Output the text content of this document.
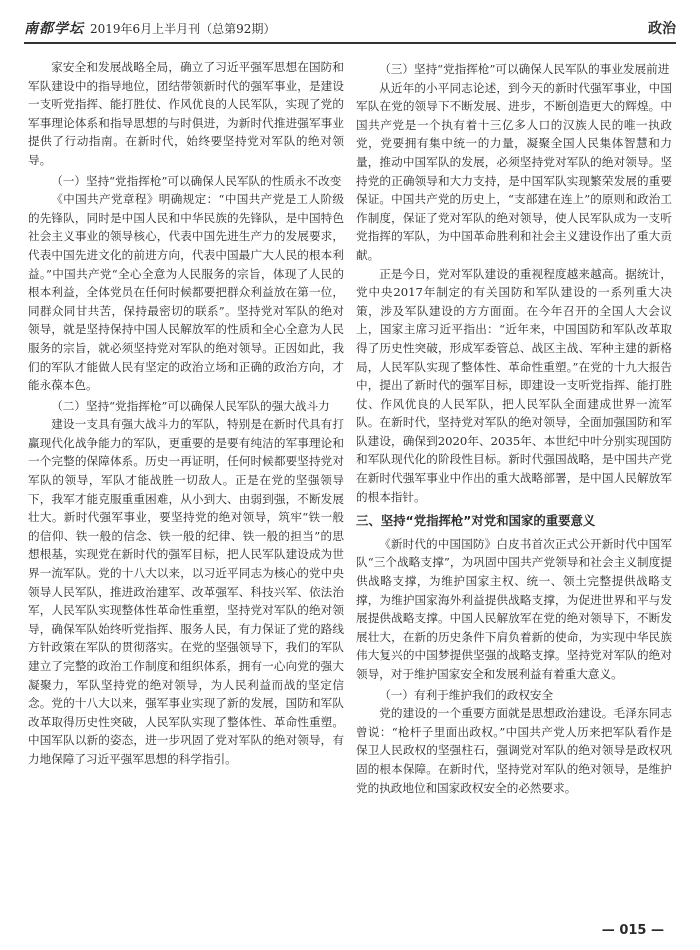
南都学坛 2019年6月上半月刊（总第92期）	政治

家安全和发展战略全局，确立了习近平强军思想在国防和军队建设中的指导地位，团结带领新时代的强军事业，是建设一支听党指挥、能打胜仗、作风优良的人民军队，实现了党的军事理论体系和指导思想的与时俱进，为新时代推进强军事业提供了行动指南。在新时代，始终要坚持党对军队的绝对领导。

（一）坚持“党指挥枪”可以确保人民军队的性质永不改变

《中国共产党章程》明确规定：“中国共产党是工人阶级的先锋队，同时是中国人民和中华民族的先锋队，是中国特色社会主义事业的领导核心，代表中国先进生产力的发展要求，代表中国先进文化的前进方向，代表中国最广大人民的根本利益。”中国共产党“全心全意为人民服务的宗旨，体现了人民的根本利益，全体党员在任何时候都要把群众利益放在第一位，同群众同甘共苦，保持最密切的联系”。坚持党对军队的绝对领导，就是坚持保持中国人民解放军的性质和全心全意为人民服务的宗旨，就必须坚持党对军队的绝对领导。正因如此，我们的军队才能做人民有坚定的政治立场和正确的政治方向，才能永葆本色。

（二）坚持“党指挥枪”可以确保人民军队的强大战斗力

建设一支具有强大战斗力的军队，特别是在新时代具有打赢现代化战争能力的军队，更重要的是要有纯洁的军事理论和一个完整的保障体系。历史一再证明，任何时候都要坚持党对军队的领导，军队才能战胜一切敌人。正是在党的坚强领导下，我军才能克服重重困难，从小到大、由弱到强，不断发展壮大。新时代强军事业，要坚持党的绝对领导，筑牢“铁一般的信仰、铁一般的信念、铁一般的纪律、铁一般的担当”的思想根基，实现党在新时代的强军目标，把人民军队建设成为世界一流军队。党的十八大以来，以习近平同志为核心的党中央领导人民军队，推进政治建军、改革强军、科技兴军、依法治军，人民军队实现整体性革命性重塑，坚持党对军队的绝对领导，确保军队始终听党指挥、服务人民，有力保证了党的路线方针政策在军队的贯彻落实。在党的坚强领导下，我们的军队建立了完整的政治工作制度和组织体系，拥有一心向党的强大凝聚力，军队坚持党的绝对领导，为人民利益而战的坚定信念。党的十八大以来，强军事业实现了新的发展，国防和军队改革取得历史性突破，人民军队实现了整体性、革命性重塑。中国军队以新的姿态，进一步巩固了党对军队的绝对领导，有力地保障了习近平强军思想的科学指引。

（三）坚持“党指挥枪”可以确保人民军队的事业发展前进

从近年的小平同志论述，到今天的新时代强军事业，中国军队在党的领导下不断发展、进步，不断创造更大的辉煌。中国共产党是一个执有着十三亿多人口的汉族人民的唯一执政党，党要拥有集中统一的力量，凝聚全国人民集体智慧和力量，推动中国军队的发展，必须坚持党对军队的绝对领导。坚持党的正确领导和大力支持，是中国军队实现繁荣发展的重要保证。中国共产党的历史上，“支部建在连上”的原则和政治工作制度，保证了党对军队的绝对领导，使人民军队成为一支听党指挥的军队，为中国革命胜利和社会主义建设作出了重大贡献。

正是今日，党对军队建设的重视程度越来越高。据统计，党中央2017年制定的有关国防和军队建设的一系列重大决策，涉及军队建设的方方面面。在今年召开的全国人大会议上，国家主席习近平指出：“近年来，中国国防和军队改革取得了历史性突破，形成军委管总、战区主战、军种主建的新格局，人民军队实现了整体性、革命性重塑。”在党的十九大报告中，提出了新时代的强军目标，即建设一支听党指挥、能打胜仗、作风优良的人民军队，把人民军队全面建成世界一流军队。在新时代，坚持党对军队的绝对领导，全面加强国防和军队建设，确保到2020年、2035年、本世纪中叶分别实现国防和军队现代化的阶段性目标。新时代强国战略，是中国共产党在新时代强军事业中作出的重大战略部署，是中国人民解放军的根本指针。

三、坚持“党指挥枪”对党和国家的重要意义

《新时代的中国国防》白皮书首次正式公开新时代中国军队“三个战略支撑”，为巩固中国共产党领导和社会主义制度提供战略支撑，为维护国家主权、统一、领土完整提供战略支撑，为维护国家海外利益提供战略支撑，为促进世界和平与发展提供战略支撑。中国人民解放军在党的绝对领导下，不断发展壮大，在新的历史条件下肩负着新的使命，为实现中华民族伟大复兴的中国梦提供坚强的战略支撑。坚持党对军队的绝对领导，对于维护国家安全和发展利益有着重大意义。

（一）有利于维护我们的政权安全

党的建设的一个重要方面就是思想政治建设。毛泽东同志曾说：“枪杆子里面出政权。”中国共产党人历来把军队看作是保卫人民政权的坚强柱石，强调党对军队的绝对领导是政权巩固的根本保障。在新时代，坚持党对军队的绝对领导，是维护党的执政地位和国家政权安全的必然要求。

— 015 —
